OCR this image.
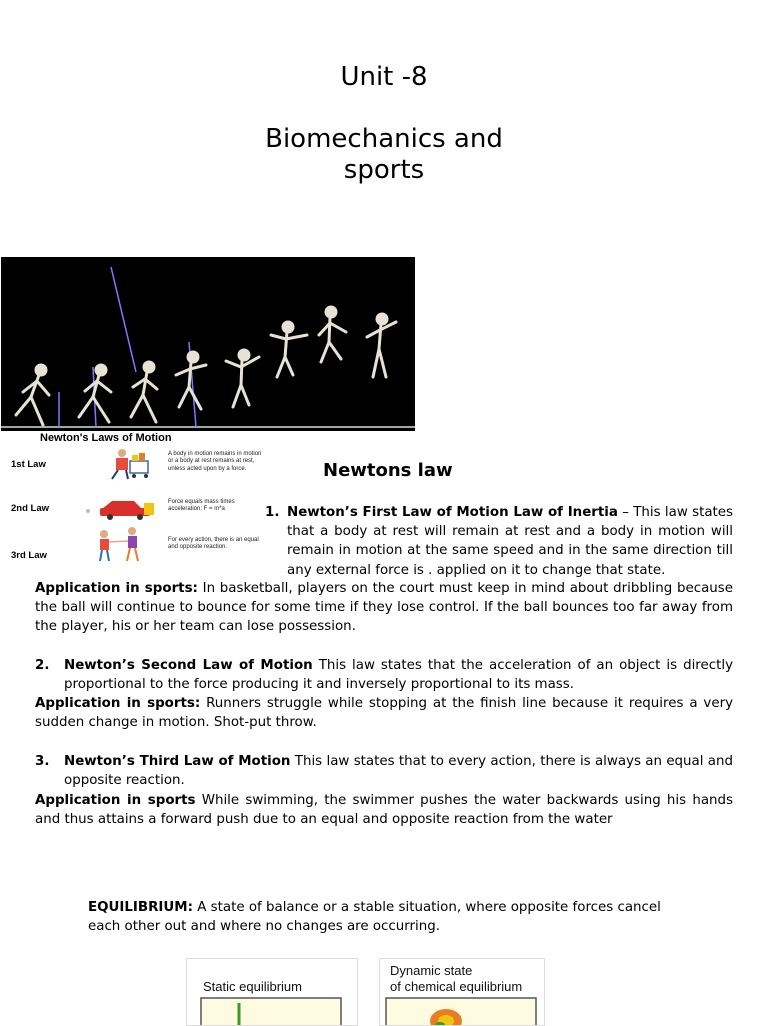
Unit -8
Biomechanics and
sports
Newton's Laws of Motion
1st Law
2nd Law
3rd Law
A body in motion remains in motion or a body at rest remains at rest, unless acted upon by a force.
Force equals mass times acceleration: F = m*a
For every action, there is an equal and opposite reaction.
Newtons law
1. Newton’s First Law of Motion Law of Inertia – This law states that a body at rest will remain at rest and a body in motion will remain in motion at the same speed and in the same direction till any external force is . applied on it to change that state.
Application in sports: In basketball, players on the court must keep in mind about dribbling because the ball will continue to bounce for some time if they lose control. If the ball bounces too far away from the player, his or her team can lose possession.
2. Newton’s Second Law of Motion This law states that the acceleration of an object is directly proportional to the force producing it and inversely proportional to its mass.
Application in sports: Runners struggle while stopping at the finish line because it requires a very sudden change in motion. Shot-put throw.
3. Newton’s Third Law of Motion This law states that to every action, there is always an equal and opposite reaction.
Application in sports While swimming, the swimmer pushes the water backwards using his hands and thus attains a forward push due to an equal and opposite reaction from the water
EQUILIBRIUM: A state of balance or a stable situation, where opposite forces cancel each other out and where no changes are occurring.
Static equilibrium
Dynamic state
of chemical equilibrium
